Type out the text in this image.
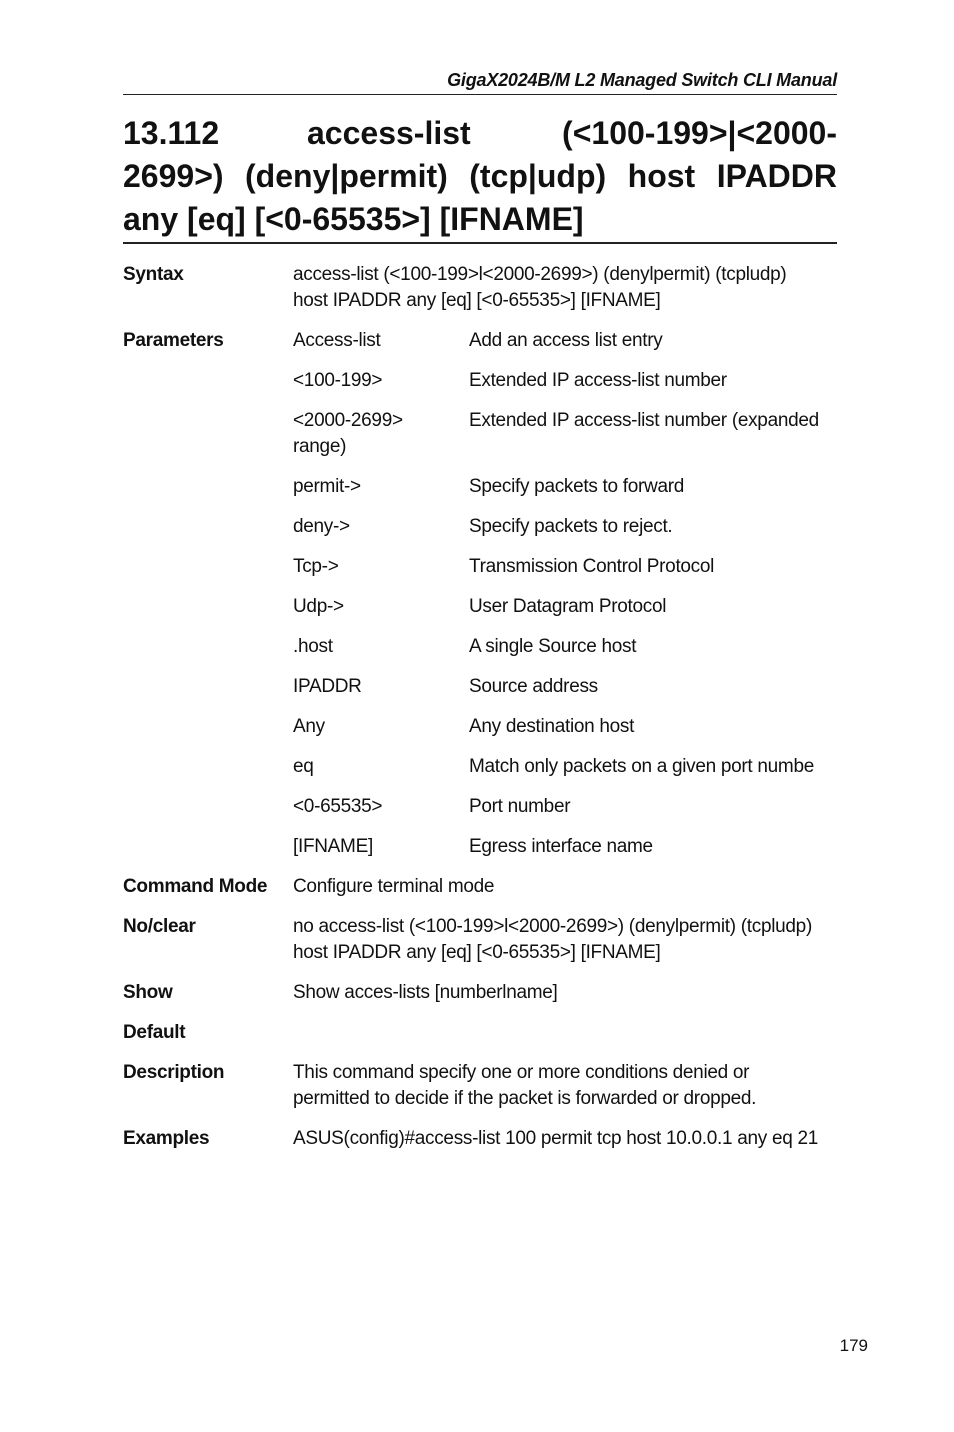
GigaX2024B/M L2 Managed Switch CLI Manual
13.112	access-list (<100-199>|<2000-2699>) (deny|permit) (tcp|udp) host IPADDR any [eq] [<0-65535>] [IFNAME]
Syntax	access-list (<100-199>l<2000-2699>) (denylpermit) (tcpludp)
host IPADDR any [eq] [<0-65535>] [IFNAME]
Parameters	Access-list	Add an access list entry
<100-199>	Extended IP access-list number
<2000-2699>	Extended IP access-list number (expanded
range)
permit->	Specify packets to forward
deny->	Specify packets to reject.
Tcp->	Transmission Control Protocol
Udp->	User Datagram Protocol
.host	A single Source host
IPADDR	Source address
Any	Any destination host
eq	Match only packets on a given port numbe
<0-65535>	Port number
[IFNAME]	Egress interface name
Command Mode	Configure terminal mode
No/clear	no access-list (<100-199>l<2000-2699>) (denylpermit) (tcpludp)
host IPADDR any [eq] [<0-65535>] [IFNAME]
Show	Show acces-lists [numberlname]
Default
Description	This command specify one or more conditions denied or
permitted to decide if the packet is forwarded or dropped.
Examples	ASUS(config)#access-list 100 permit tcp host 10.0.0.1 any eq 21
179
